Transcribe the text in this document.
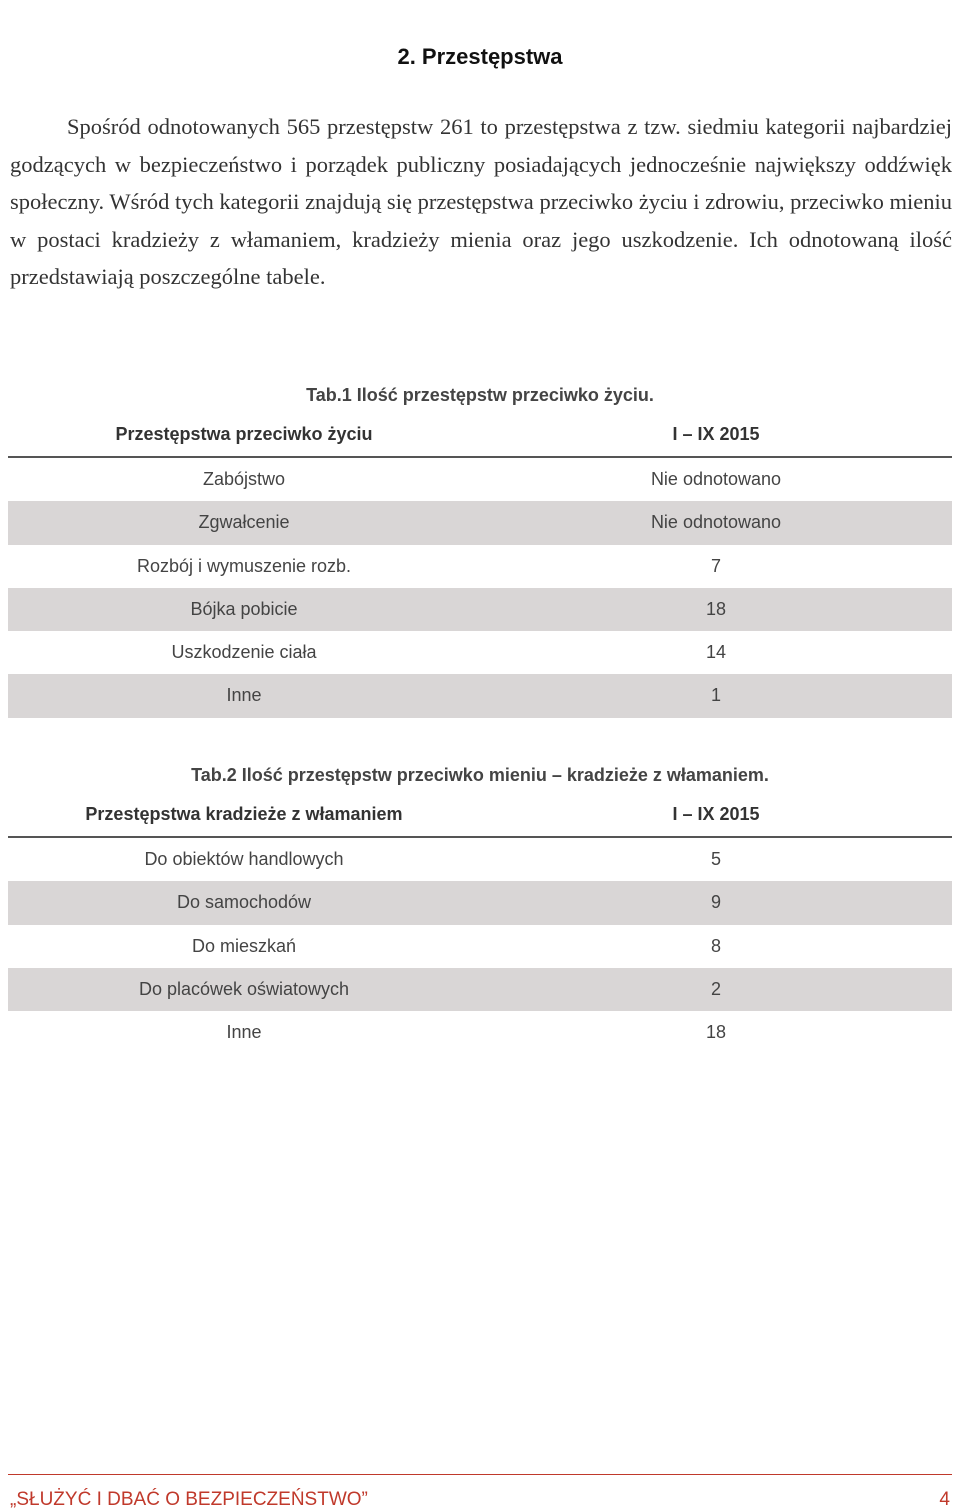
2. Przestępstwa
Spośród odnotowanych 565 przestępstw 261 to przestępstwa z tzw. siedmiu kategorii najbardziej godzących w bezpieczeństwo i porządek publiczny posiadających jednocześnie największy oddźwięk społeczny. Wśród tych kategorii znajdują się przestępstwa przeciwko życiu i zdrowiu, przeciwko mieniu w postaci kradzieży z włamaniem, kradzieży mienia oraz jego uszkodzenie. Ich odnotowaną ilość przedstawiają poszczególne tabele.
Tab.1 Ilość przestępstw przeciwko życiu.
Przestępstwa przeciwko życiu	I – IX 2015
Zabójstwo	Nie odnotowano
Zgwałcenie	Nie odnotowano
Rozbój i wymuszenie rozb.	7
Bójka pobicie	18
Uszkodzenie ciała	14
Inne	1
Tab.2 Ilość przestępstw przeciwko mieniu – kradzieże z włamaniem.
Przestępstwa kradzieże z włamaniem	I – IX 2015
Do obiektów handlowych	5
Do samochodów	9
Do mieszkań	8
Do placówek oświatowych	2
Inne	18
„SŁUŻYĆ I DBAĆ O BEZPIECZEŃSTWO”	4
